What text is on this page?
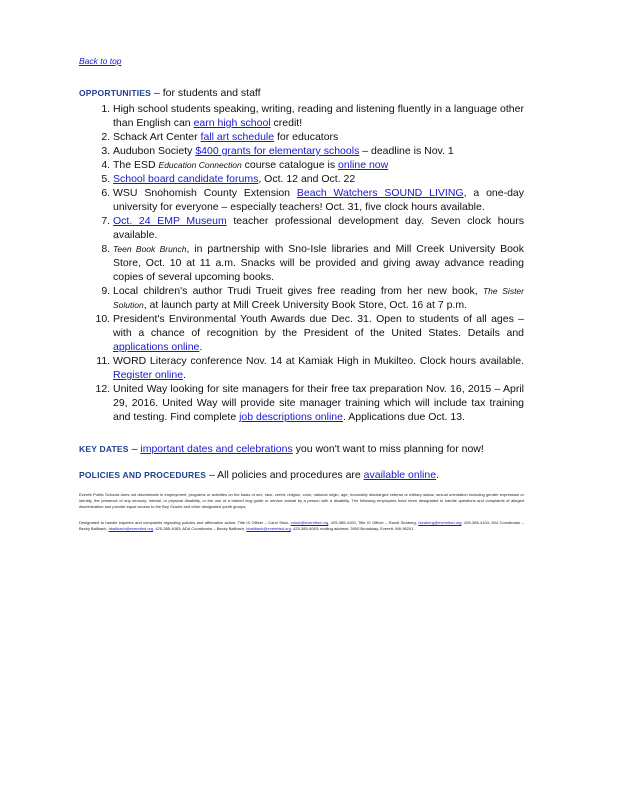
Back to top
OPPORTUNITIES – for students and staff
1. High school students speaking, writing, reading and listening fluently in a language other than English can earn high school credit!
2. Schack Art Center fall art schedule for educators
3. Audubon Society $400 grants for elementary schools – deadline is Nov. 1
4. The ESD Education Connection course catalogue is online now
5. School board candidate forums, Oct. 12 and Oct. 22
6. WSU Snohomish County Extension Beach Watchers SOUND LIVING, a one-day university for everyone – especially teachers! Oct. 31, five clock hours available.
7. Oct. 24 EMP Museum teacher professional development day. Seven clock hours available.
8. Teen Book Brunch, in partnership with Sno-Isle libraries and Mill Creek University Book Store, Oct. 10 at 11 a.m. Snacks will be provided and giving away advance reading copies of several upcoming books.
9. Local children's author Trudi Trueit gives free reading from her new book, The Sister Solution, at launch party at Mill Creek University Book Store, Oct. 16 at 7 p.m.
10. President's Environmental Youth Awards due Dec. 31. Open to students of all ages – with a chance of recognition by the President of the United States. Details and applications online.
11. WORD Literacy conference Nov. 14 at Kamiak High in Mukilteo. Clock hours available. Register online.
12. United Way looking for site managers for their free tax preparation Nov. 16, 2015 – April 29, 2016. United Way will provide site manager training which will include tax training and testing. Find complete job descriptions online. Applications due Oct. 13.
KEY DATES – important dates and celebrations you won't want to miss planning for now!
POLICIES AND PROCEDURES – All policies and procedures are available online.
Everett Public Schools does not discriminate in employment, programs or activities on the basis of sex, race, creed, religion, color, national origin, age, honorably discharged veteran or military status, sexual orientation including gender expression or identity, the presence of any sensory, mental, or physical disability, or the use of a trained dog guide or service animal by a person with a disability. The following employees have been designated to handle questions and complaints of alleged discrimination and provide equal access to the Boy Scouts and other designated youth groups.
Designated to handle inquiries and complaints regarding policies and affirmative action: Title IX Officer – Carol Stolz, cstolz@everettsd.org, 425-385-4100; Title IX Officer – Randi Seaberg, rseaberg@everettsd.org, 425-385-4104; 504 Coordinator – Becky Ballbach, bballbach@everettsd.org, 425-385-4063; ADA Coordinator – Becky Ballbach, bballbach@everettsd.org, 425-385-4063; mailing address: 3900 Broadway, Everett, WA 98201.
